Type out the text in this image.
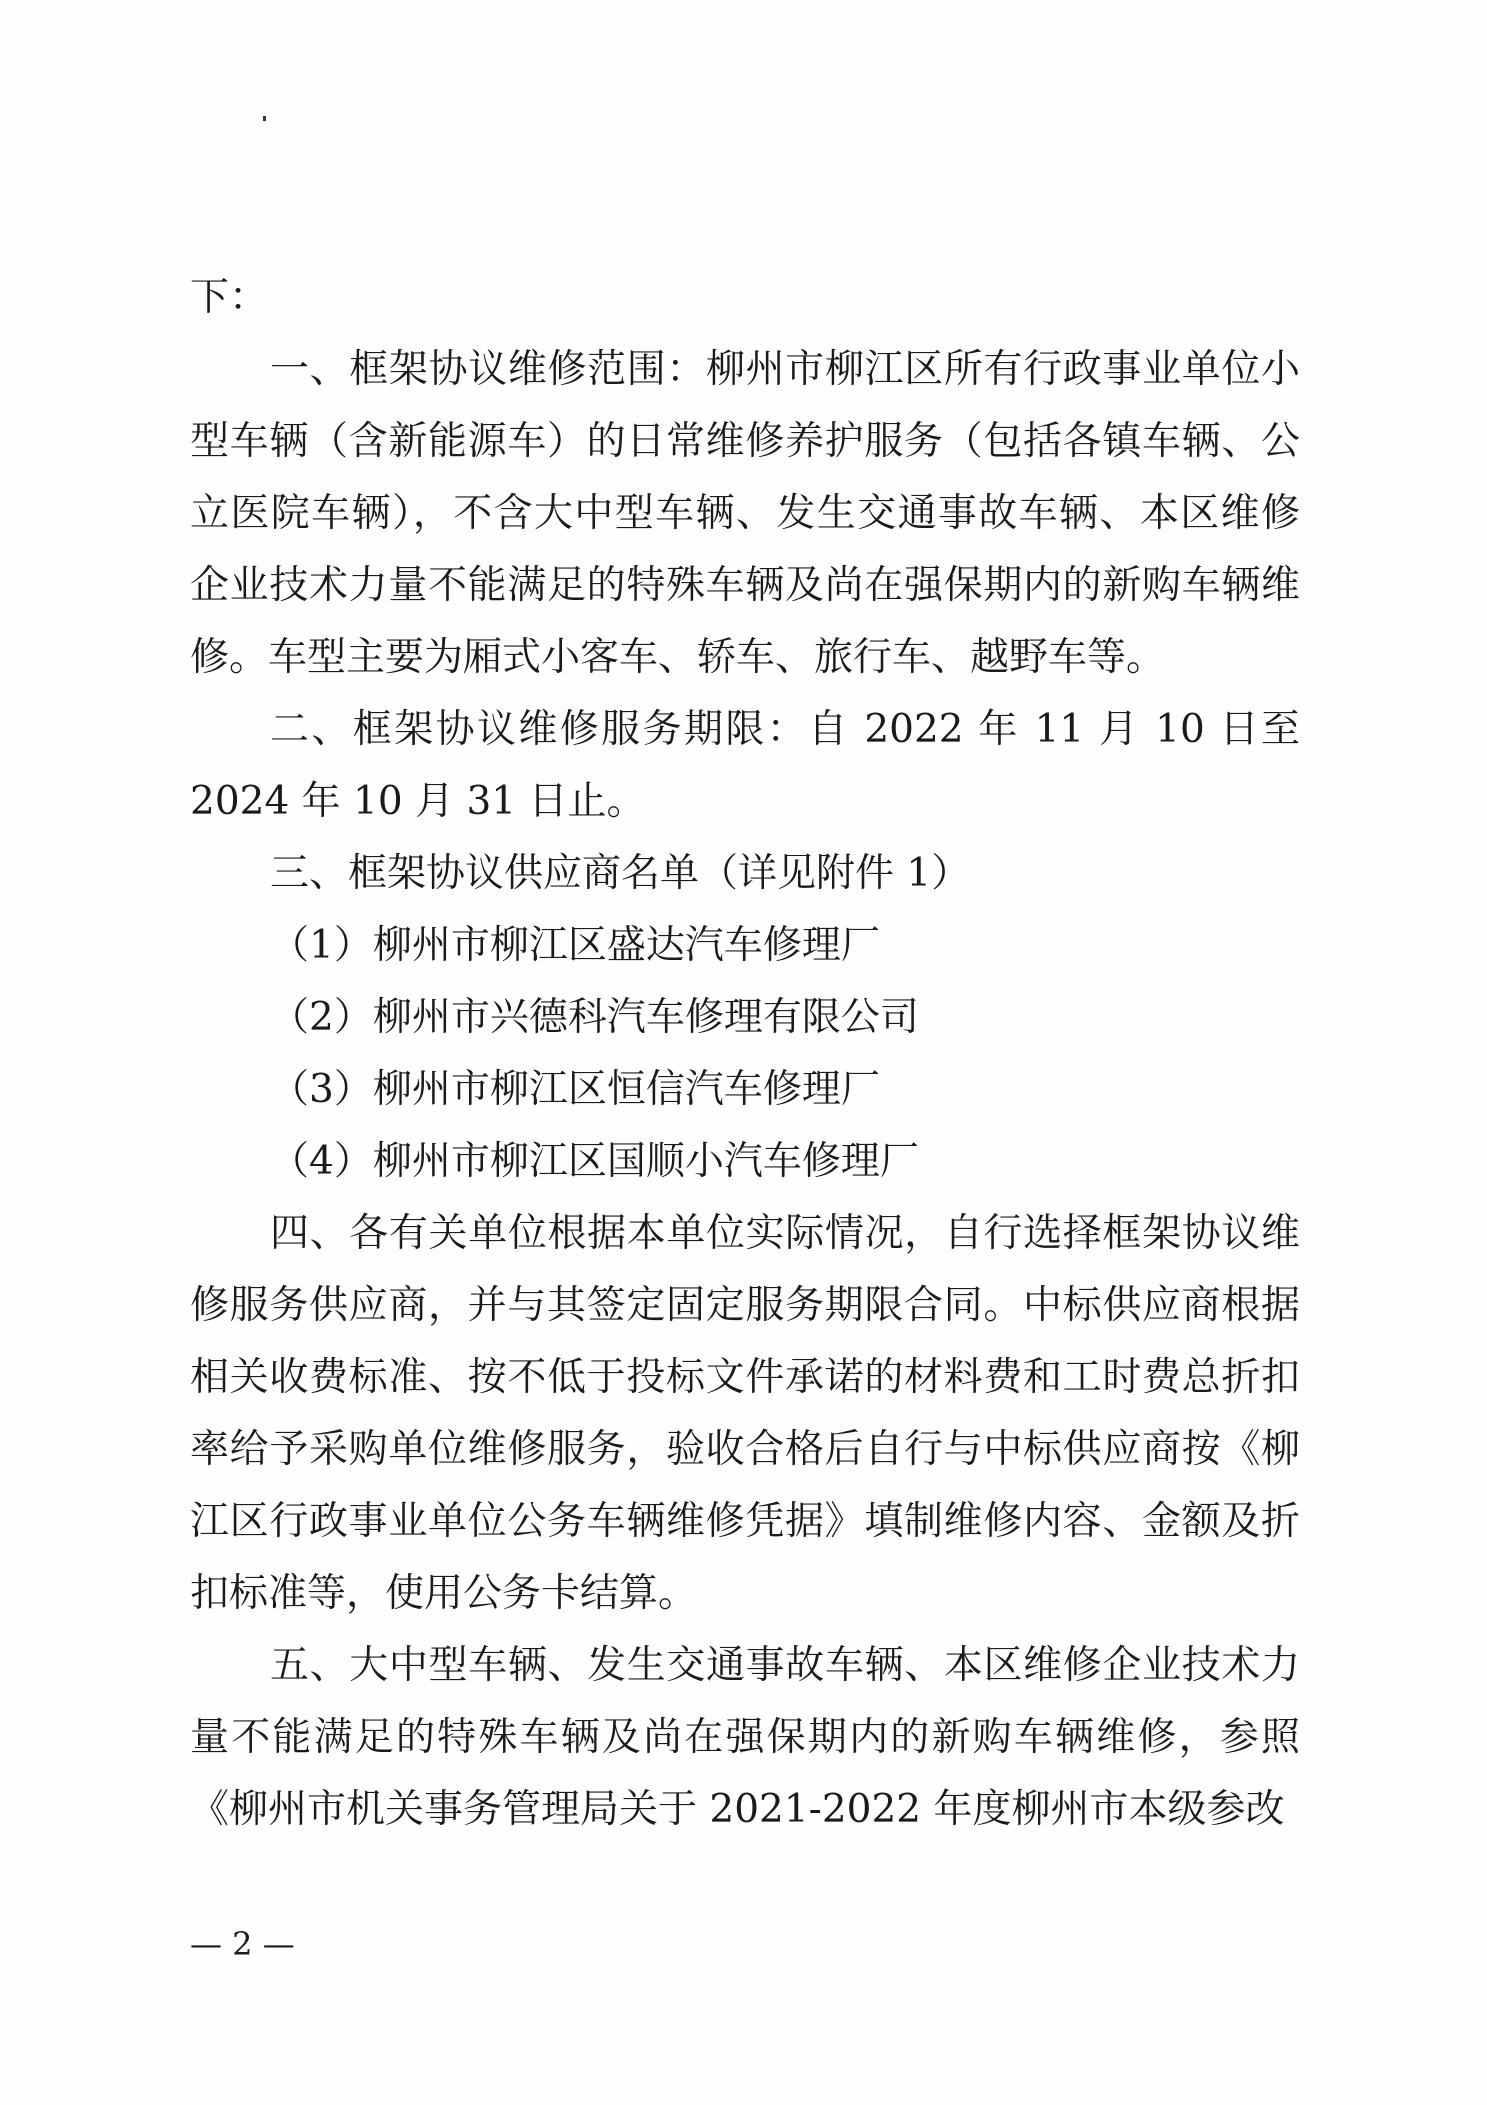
下：

一、框架协议维修范围：柳州市柳江区所有行政事业单位小型车辆（含新能源车）的日常维修养护服务（包括各镇车辆、公立医院车辆），不含大中型车辆、发生交通事故车辆、本区维修企业技术力量不能满足的特殊车辆及尚在强保期内的新购车辆维修。车型主要为厢式小客车、轿车、旅行车、越野车等。

二、框架协议维修服务期限：自 2022 年 11 月 10 日至 2024 年 10 月 31 日止。

三、框架协议供应商名单（详见附件 1）

（1）柳州市柳江区盛达汽车修理厂

（2）柳州市兴德科汽车修理有限公司

（3）柳州市柳江区恒信汽车修理厂

（4）柳州市柳江区国顺小汽车修理厂

四、各有关单位根据本单位实际情况，自行选择框架协议维修服务供应商，并与其签定固定服务期限合同。中标供应商根据相关收费标准、按不低于投标文件承诺的材料费和工时费总折扣率给予采购单位维修服务，验收合格后自行与中标供应商按《柳江区行政事业单位公务车辆维修凭据》填制维修内容、金额及折扣标准等，使用公务卡结算。

五、大中型车辆、发生交通事故车辆、本区维修企业技术力量不能满足的特殊车辆及尚在强保期内的新购车辆维修，参照《柳州市机关事务管理局关于 2021-2022 年度柳州市本级参改

— 2 —
